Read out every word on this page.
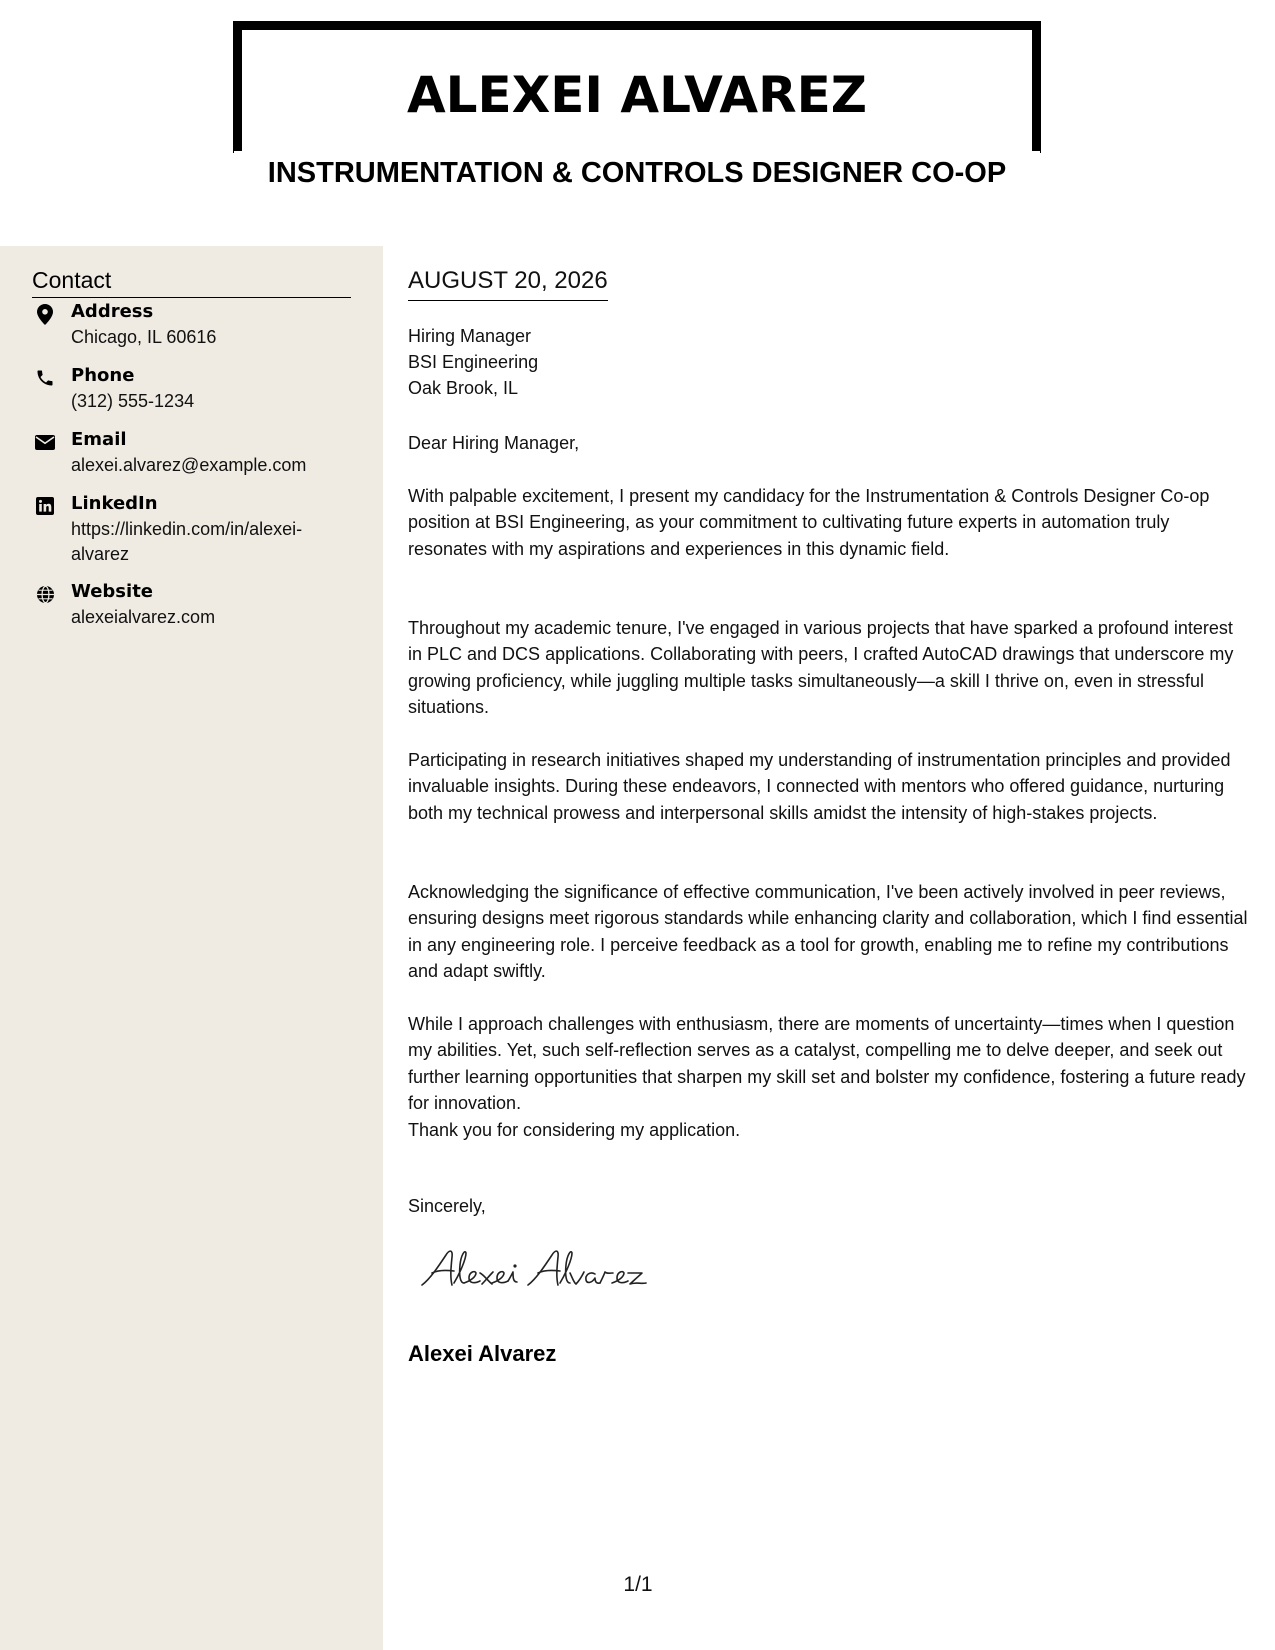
ALEXEI ALVAREZ
INSTRUMENTATION & CONTROLS DESIGNER CO-OP
Contact
Address
Chicago, IL 60616
Phone
(312) 555-1234
Email
alexei.alvarez@example.com
LinkedIn
https://linkedin.com/in/alexei-alvarez
Website
alexeialvarez.com
AUGUST 20, 2026
Hiring Manager
BSI Engineering
Oak Brook, IL
Dear Hiring Manager,
With palpable excitement, I present my candidacy for the Instrumentation & Controls Designer Co-op position at BSI Engineering, as your commitment to cultivating future experts in automation truly resonates with my aspirations and experiences in this dynamic field.
Throughout my academic tenure, I've engaged in various projects that have sparked a profound interest in PLC and DCS applications. Collaborating with peers, I crafted AutoCAD drawings that underscore my growing proficiency, while juggling multiple tasks simultaneously—a skill I thrive on, even in stressful situations.
Participating in research initiatives shaped my understanding of instrumentation principles and provided invaluable insights. During these endeavors, I connected with mentors who offered guidance, nurturing both my technical prowess and interpersonal skills amidst the intensity of high-stakes projects.
Acknowledging the significance of effective communication, I've been actively involved in peer reviews, ensuring designs meet rigorous standards while enhancing clarity and collaboration, which I find essential in any engineering role. I perceive feedback as a tool for growth, enabling me to refine my contributions and adapt swiftly.
While I approach challenges with enthusiasm, there are moments of uncertainty—times when I question my abilities. Yet, such self-reflection serves as a catalyst, compelling me to delve deeper, and seek out further learning opportunities that sharpen my skill set and bolster my confidence, fostering a future ready for innovation.
Thank you for considering my application.
Sincerely,
Alexei Alvarez
1/1
